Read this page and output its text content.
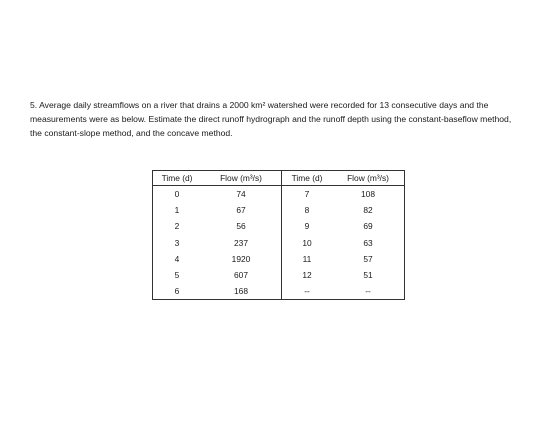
5. Average daily streamflows on a river that drains a 2000 km² watershed were recorded for 13 consecutive days and the measurements were as below. Estimate the direct runoff hydrograph and the runoff depth using the constant-baseflow method, the constant-slope method, and the concave method.

Time (d)	Flow (m³/s)	Time (d)	Flow (m³/s)
0	74	7	108
1	67	8	82
2	56	9	69
3	237	10	63
4	1920	11	57
5	607	12	51
6	168	--	--
